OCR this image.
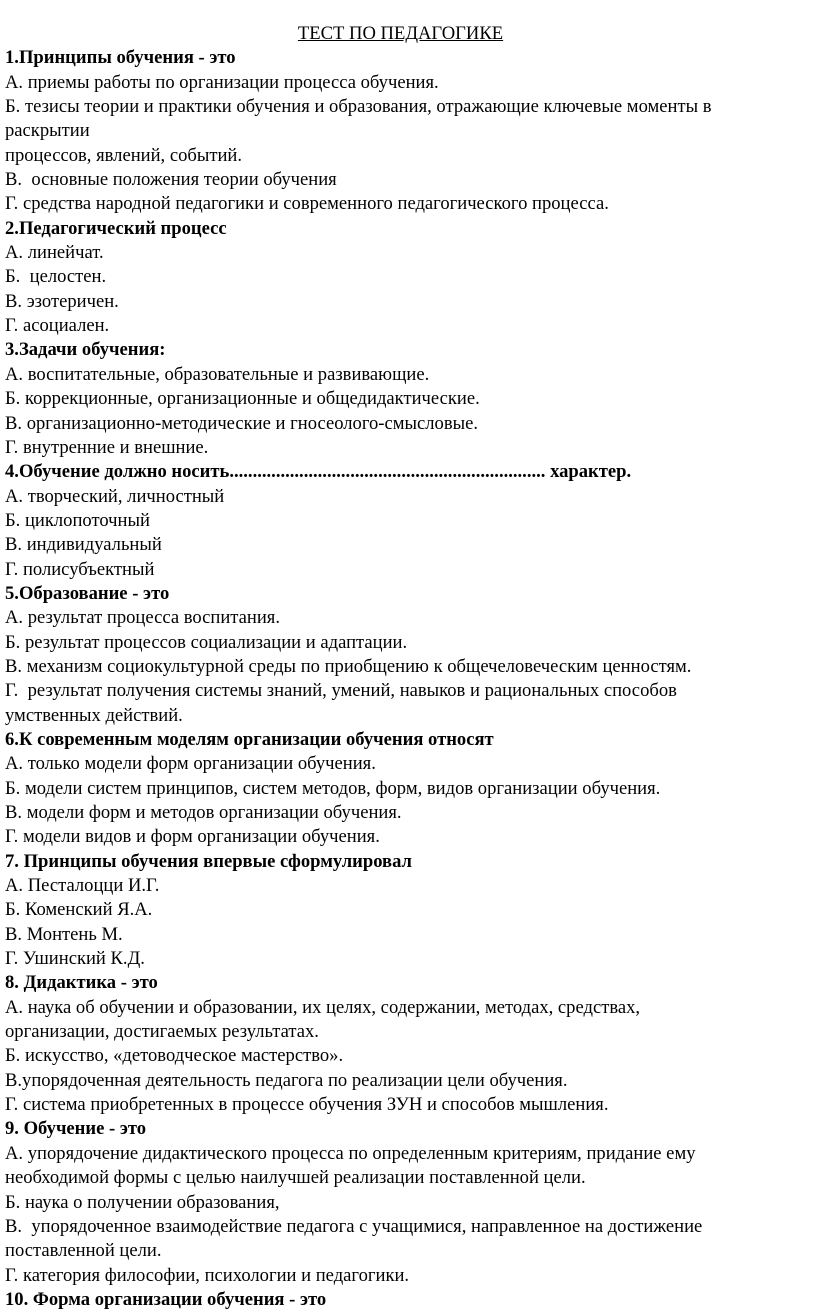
ТЕСТ ПО ПЕДАГОГИКЕ
1.Принципы обучения - это
А. приемы работы по организации процесса обучения.
Б. тезисы теории и практики обучения и образования, отражающие ключевые моменты в
раскрытии
процессов, явлений, событий.
В.  основные положения теории обучения
Г. средства народной педагогики и современного педагогического процесса.
2.Педагогический процесс
А. линейчат.
Б.  целостен.
В. эзотеричен.
Г. асоциален.
3.Задачи обучения:
А. воспитательные, образовательные и развивающие.
Б. коррекционные, организационные и общедидактические.
В. организационно-методические и гносеолого-смысловые.
Г. внутренние и внешние.
4.Обучение должно носить.................................................................... характер.
А. творческий, личностный
Б. циклопоточный
В. индивидуальный
Г. полисубъектный
5.Образование - это
А. результат процесса воспитания.
Б. результат процессов социализации и адаптации.
В. механизм социокультурной среды по приобщению к общечеловеческим ценностям.
Г.  результат получения системы знаний, умений, навыков и рациональных способов
умственных действий.
6.К современным моделям организации обучения относят
А. только модели форм организации обучения.
Б. модели систем принципов, систем методов, форм, видов организации обучения.
В. модели форм и методов организации обучения.
Г. модели видов и форм организации обучения.
7. Принципы обучения впервые сформулировал
А. Песталоцци И.Г.
Б. Коменский Я.А.
В. Монтень М.
Г. Ушинский К.Д.
8. Дидактика - это
А. наука об обучении и образовании, их целях, содержании, методах, средствах,
организации, достигаемых результатах.
Б. искусство, «детоводческое мастерство».
В.упорядоченная деятельность педагога по реализации цели обучения.
Г. система приобретенных в процессе обучения ЗУН и способов мышления.
9. Обучение - это
А. упорядочение дидактического процесса по определенным критериям, придание ему
необходимой формы с целью наилучшей реализации поставленной цели.
Б. наука о получении образования,
В.  упорядоченное взаимодействие педагога с учащимися, направленное на достижение
поставленной цели.
Г. категория философии, психологии и педагогики.
10. Форма организации обучения - это
